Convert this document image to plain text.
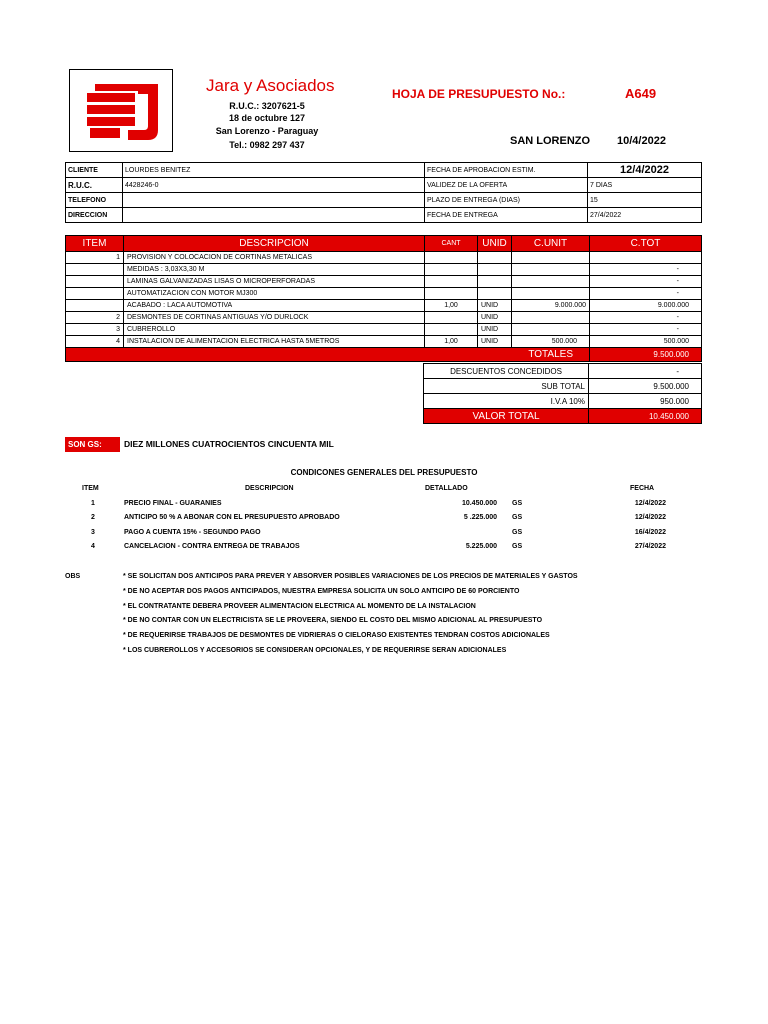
Jara y Asociados
R.U.C.: 3207621-5
18 de octubre 127
San Lorenzo - Paraguay
Tel.: 0982 297 437
HOJA DE PRESUPUESTO No.:	A649
SAN LORENZO 10/4/2022
CLIENTE	LOURDES BENITEZ	FECHA DE APROBACION ESTIM.	12/4/2022
R.U.C.	4428246-0	VALIDEZ DE LA OFERTA	7 DIAS
TELEFONO		PLAZO DE ENTREGA (DIAS)	15
DIRECCION		FECHA DE ENTREGA	27/4/2022
ITEM	DESCRIPCION	CANT	UNID	C.UNIT	C.TOT
1	PROVISION Y COLOCACION DE CORTINAS METALICAS				
	MEDIDAS : 3,03X3,30 M				-
	LAMINAS GALVANIZADAS LISAS O MICROPERFORADAS				-
	AUTOMATIZACION CON MOTOR MJ300				-
	ACABADO : LACA AUTOMOTIVA	1,00	UNID	9.000.000	9.000.000
2	DESMONTES DE CORTINAS ANTIGUAS Y/O DURLOCK		UNID		-
3	CUBREROLLO		UNID		-
4	INSTALACION DE ALIMENTACION ELECTRICA HASTA 5METROS	1,00	UNID	500.000	500.000
TOTALES					9.500.000
DESCUENTOS CONCEDIDOS	-
SUB TOTAL	9.500.000
I.V.A 10%	950.000
VALOR TOTAL	10.450.000
SON GS:	DIEZ MILLONES CUATROCIENTOS CINCUENTA MIL
CONDICONES GENERALES DEL PRESUPUESTO
ITEM	DESCRIPCION	DETALLADO	FECHA
1	PRECIO FINAL - GUARANIES	10.450.000 GS	12/4/2022
2	ANTICIPO 50 % A ABONAR CON EL PRESUPUESTO APROBADO	5 .225.000 GS	12/4/2022
3	PAGO A CUENTA 15% - SEGUNDO PAGO	GS	16/4/2022
4	CANCELACION - CONTRA ENTREGA DE TRABAJOS	5.225.000 GS	27/4/2022
OBS	* SE SOLICITAN DOS ANTICIPOS PARA PREVER Y ABSORVER POSIBLES VARIACIONES DE LOS PRECIOS DE MATERIALES Y GASTOS
* DE NO ACEPTAR DOS PAGOS ANTICIPADOS, NUESTRA EMPRESA SOLICITA UN SOLO ANTICIPO DE 60 PORCIENTO
* EL CONTRATANTE DEBERA PROVEER ALIMENTACION ELECTRICA AL MOMENTO DE LA INSTALACION
* DE NO CONTAR CON UN ELECTRICISTA SE LE PROVEERA, SIENDO EL COSTO DEL MISMO ADICIONAL AL PRESUPUESTO
* DE REQUERIRSE TRABAJOS DE DESMONTES DE VIDRIERAS O CIELORASO EXISTENTES TENDRAN COSTOS ADICIONALES
* LOS CUBREROLLOS Y ACCESORIOS SE CONSIDERAN OPCIONALES, Y DE REQUERIRSE SERAN ADICIONALES
